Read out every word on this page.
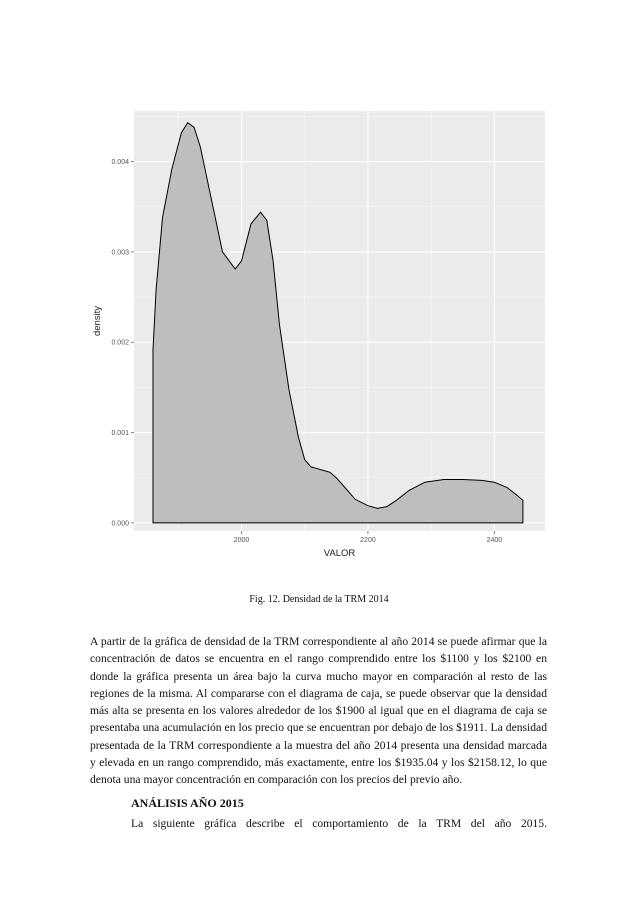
0.000
0.001
0.002
0.003
0.004
2000	2200	2400
VALOR
density
Fig. 12. Densidad de la TRM 2014

A partir de la gráfica de densidad de la TRM correspondiente al año 2014 se puede afirmar que la concentración de datos se encuentra en el rango comprendido entre los $1100 y los $2100 en donde la gráfica presenta un área bajo la curva mucho mayor en comparación al resto de las regiones de la misma. Al compararse con el diagrama de caja, se puede observar que la densidad más alta se presenta en los valores alrededor de los $1900 al igual que en el diagrama de caja se presentaba una acumulación en los precio que se encuentran por debajo de los $1911. La densidad presentada de la TRM correspondiente a la muestra del año 2014 presenta una densidad marcada y elevada en un rango comprendido, más exactamente, entre los $1935.04 y los $2158.12, lo que denota una mayor concentración en comparación con los precios del previo año.

ANÁLISIS AÑO 2015

La siguiente gráfica describe el comportamiento de la TRM del año 2015.
